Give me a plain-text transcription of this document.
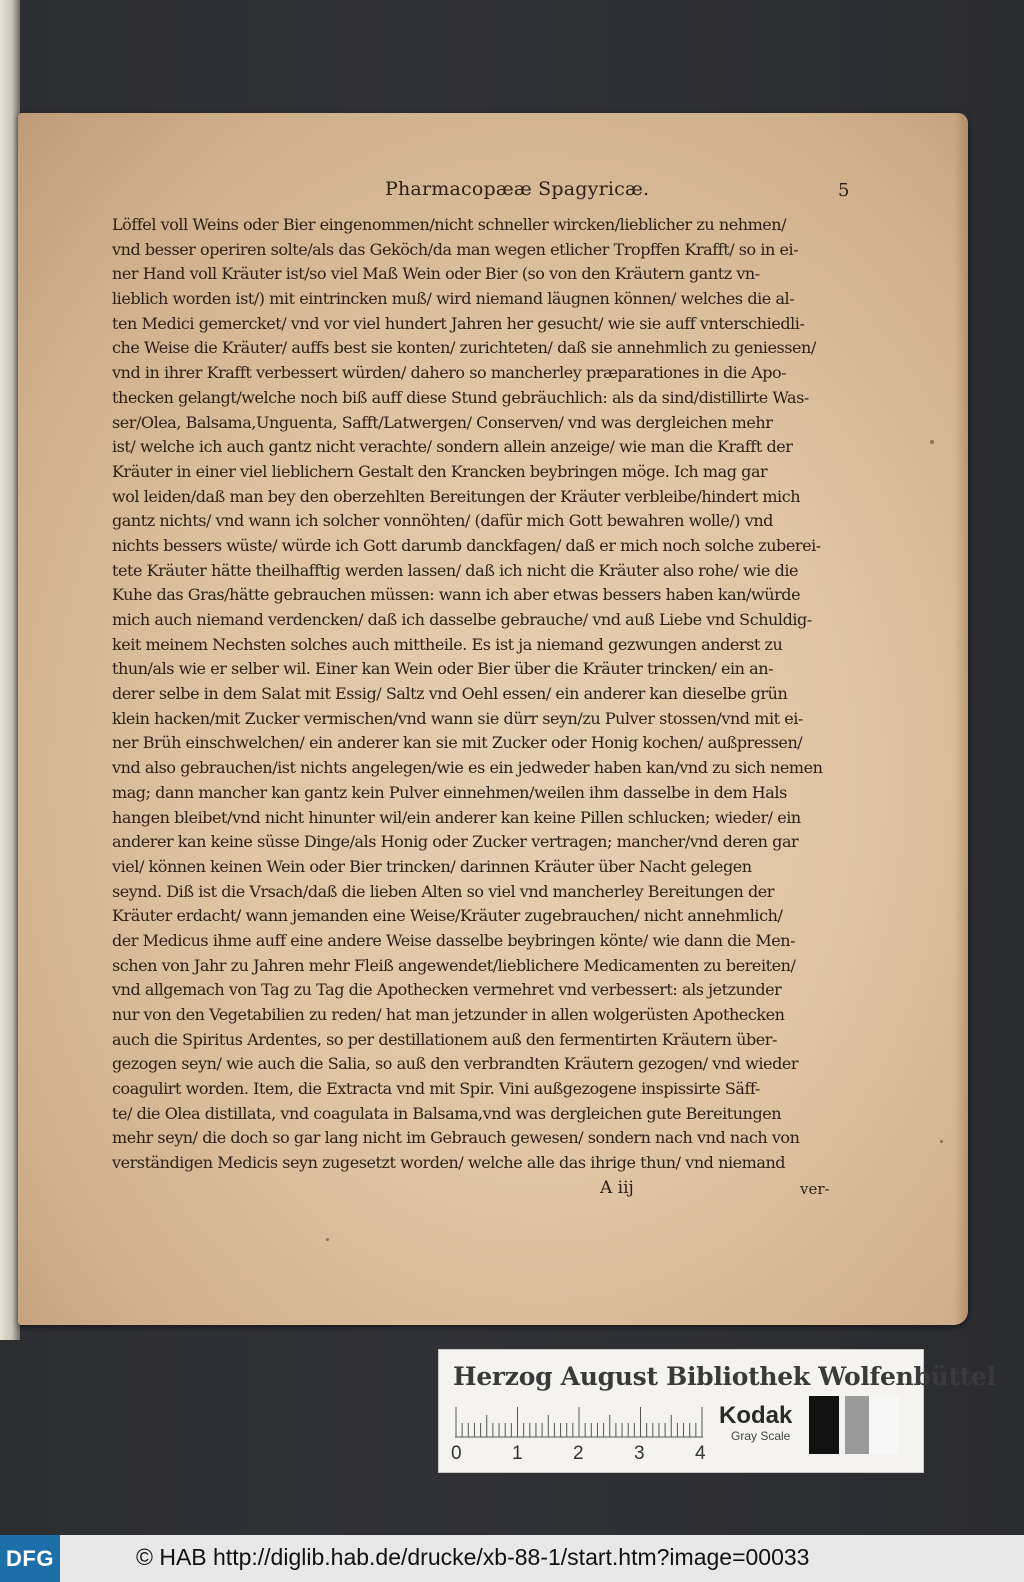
Pharmacopææ Spagyricæ.	5
Löffel voll Weins oder Bier eingenommen/nicht schneller wircken/lieblicher zu nehmen/
vnd besser operiren solte/als das Geköch/da man wegen etlicher Tropffen Krafft/ so in ei-
ner Hand voll Kräuter ist/so viel Maß Wein oder Bier (so von den Kräutern gantz vn-
lieblich worden ist/) mit eintrincken muß/ wird niemand läugnen können/ welches die al-
ten Medici gemercket/ vnd vor viel hundert Jahren her gesucht/ wie sie auff vnterschiedli-
che Weise die Kräuter/ auffs best sie konten/ zurichteten/ daß sie annehmlich zu geniessen/
vnd in ihrer Krafft verbessert würden/ dahero so mancherley præparationes in die Apo-
thecken gelangt/welche noch biß auff diese Stund gebräuchlich: als da sind/distillirte Was-
ser/Olea, Balsama,Unguenta, Safft/Latwergen/ Conserven/ vnd was dergleichen mehr
ist/ welche ich auch gantz nicht verachte/ sondern allein anzeige/ wie man die Krafft der
Kräuter in einer viel lieblichern Gestalt den Krancken beybringen möge. Ich mag gar
wol leiden/daß man bey den oberzehlten Bereitungen der Kräuter verbleibe/hindert mich
gantz nichts/ vnd wann ich solcher vonnöhten/ (dafür mich Gott bewahren wolle/) vnd
nichts bessers wüste/ würde ich Gott darumb danckfagen/ daß er mich noch solche zuberei-
tete Kräuter hätte theilhafftig werden lassen/ daß ich nicht die Kräuter also rohe/ wie die
Kuhe das Gras/hätte gebrauchen müssen: wann ich aber etwas bessers haben kan/würde
mich auch niemand verdencken/ daß ich dasselbe gebrauche/ vnd auß Liebe vnd Schuldig-
keit meinem Nechsten solches auch mittheile. Es ist ja niemand gezwungen anderst zu
thun/als wie er selber wil. Einer kan Wein oder Bier über die Kräuter trincken/ ein an-
derer selbe in dem Salat mit Essig/ Saltz vnd Oehl essen/ ein anderer kan dieselbe grün
klein hacken/mit Zucker vermischen/vnd wann sie dürr seyn/zu Pulver stossen/vnd mit ei-
ner Brüh einschwelchen/ ein anderer kan sie mit Zucker oder Honig kochen/ außpressen/
vnd also gebrauchen/ist nichts angelegen/wie es ein jedweder haben kan/vnd zu sich nemen
mag; dann mancher kan gantz kein Pulver einnehmen/weilen ihm dasselbe in dem Hals
hangen bleibet/vnd nicht hinunter wil/ein anderer kan keine Pillen schlucken; wieder/ ein
anderer kan keine süsse Dinge/als Honig oder Zucker vertragen; mancher/vnd deren gar
viel/ können keinen Wein oder Bier trincken/ darinnen Kräuter über Nacht gelegen
seynd. Diß ist die Vrsach/daß die lieben Alten so viel vnd mancherley Bereitungen der
Kräuter erdacht/ wann jemanden eine Weise/Kräuter zugebrauchen/ nicht annehmlich/
der Medicus ihme auff eine andere Weise dasselbe beybringen könte/ wie dann die Men-
schen von Jahr zu Jahren mehr Fleiß angewendet/lieblichere Medicamenten zu bereiten/
vnd allgemach von Tag zu Tag die Apothecken vermehret vnd verbessert: als jetzunder
nur von den Vegetabilien zu reden/ hat man jetzunder in allen wolgerüsten Apothecken
auch die Spiritus Ardentes, so per destillationem auß den fermentirten Kräutern über-
gezogen seyn/ wie auch die Salia, so auß den verbrandten Kräutern gezogen/ vnd wieder
coagulirt worden. Item, die Extracta vnd mit Spir. Vini außgezogene inspissirte Säff-
te/ die Olea distillata, vnd coagulata in Balsama,vnd was dergleichen gute Bereitungen
mehr seyn/ die doch so gar lang nicht im Gebrauch gewesen/ sondern nach vnd nach von
verständigen Medicis seyn zugesetzt worden/ welche alle das ihrige thun/ vnd niemand
A iij	ver-
Herzog August Bibliothek Wolfenbüttel
0	1	2	3	4
Kodak
Gray Scale
DFG	© HAB http://diglib.hab.de/drucke/xb-88-1/start.htm?image=00033
